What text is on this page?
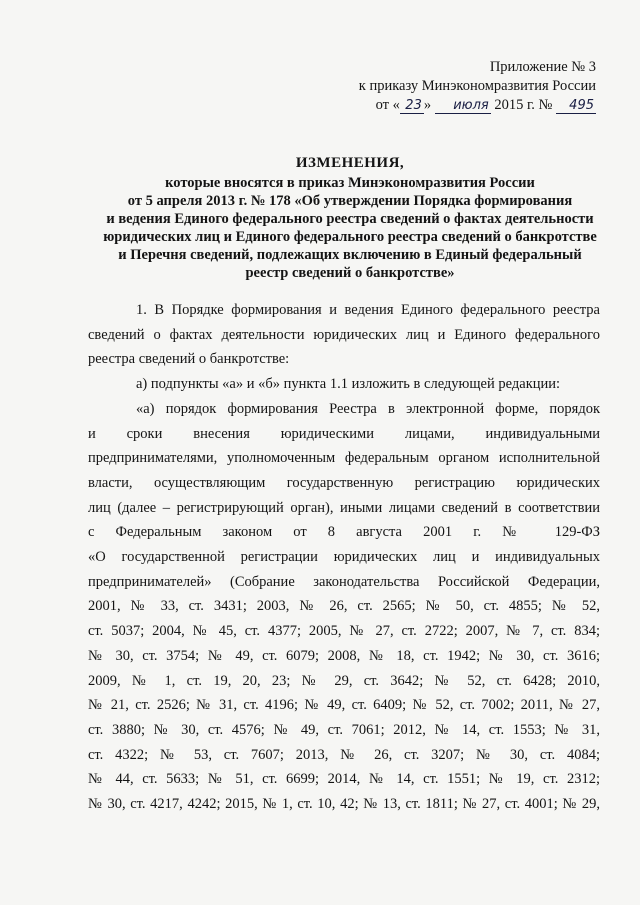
Приложение № 3
к приказу Минэкономразвития России
от « 23 » июля 2015 г. № 495
ИЗМЕНЕНИЯ,
которые вносятся в приказ Минэкономразвития России
от 5 апреля 2013 г. № 178 «Об утверждении Порядка формирования
и ведения Единого федерального реестра сведений о фактах деятельности
юридических лиц и Единого федерального реестра сведений о банкротстве
и Перечня сведений, подлежащих включению в Единый федеральный
реестр сведений о банкротстве»
1. В Порядке формирования и ведения Единого федерального реестра
сведений о фактах деятельности юридических лиц и Единого федерального
реестра сведений о банкротстве:
а) подпункты «а» и «б» пункта 1.1 изложить в следующей редакции:
«а) порядок формирования Реестра в электронной форме, порядок
и сроки внесения юридическими лицами, индивидуальными
предпринимателями, уполномоченным федеральным органом исполнительной
власти, осуществляющим государственную регистрацию юридических
лиц (далее – регистрирующий орган), иными лицами сведений в соответствии
с Федеральным законом от 8 августа 2001 г. № 129-ФЗ
«О государственной регистрации юридических лиц и индивидуальных
предпринимателей» (Собрание законодательства Российской Федерации,
2001, № 33, ст. 3431; 2003, № 26, ст. 2565; № 50, ст. 4855; № 52,
ст. 5037; 2004, № 45, ст. 4377; 2005, № 27, ст. 2722; 2007, № 7, ст. 834;
№ 30, ст. 3754; № 49, ст. 6079; 2008, № 18, ст. 1942; № 30, ст. 3616;
2009, № 1, ст. 19, 20, 23; № 29, ст. 3642; № 52, ст. 6428; 2010,
№ 21, ст. 2526; № 31, ст. 4196; № 49, ст. 6409; № 52, ст. 7002; 2011, № 27,
ст. 3880; № 30, ст. 4576; № 49, ст. 7061; 2012, № 14, ст. 1553; № 31,
ст. 4322; № 53, ст. 7607; 2013, № 26, ст. 3207; № 30, ст. 4084;
№ 44, ст. 5633; № 51, ст. 6699; 2014, № 14, ст. 1551; № 19, ст. 2312;
№ 30, ст. 4217, 4242; 2015, № 1, ст. 10, 42; № 13, ст. 1811; № 27, ст. 4001; № 29,
